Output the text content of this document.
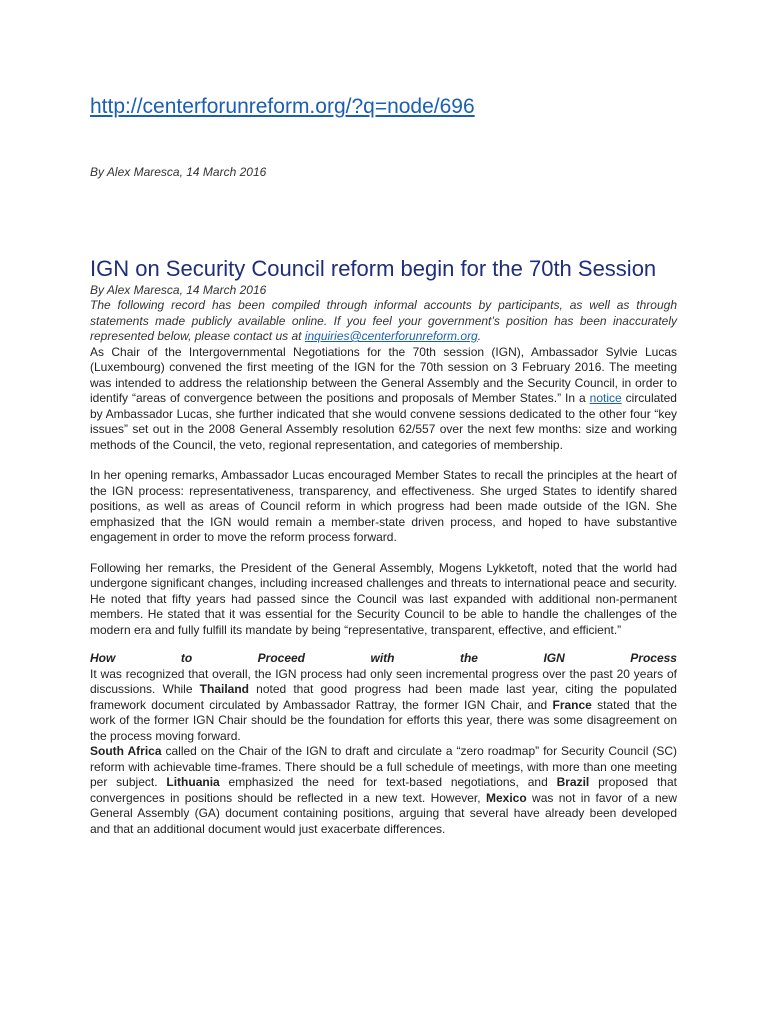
http://centerforunreform.org/?q=node/696
By Alex Maresca, 14 March 2016
IGN on Security Council reform begin for the 70th Session

By Alex Maresca, 14 March 2016

The following record has been compiled through informal accounts by participants, as well as through statements made publicly available online. If you feel your government’s position has been inaccurately represented below, please contact us at inquiries@centerforunreform.org.

As Chair of the Intergovernmental Negotiations for the 70th session (IGN), Ambassador Sylvie Lucas (Luxembourg) convened the first meeting of the IGN for the 70th session on 3 February 2016. The meeting was intended to address the relationship between the General Assembly and the Security Council, in order to identify “areas of convergence between the positions and proposals of Member States.” In a notice circulated by Ambassador Lucas, she further indicated that she would convene sessions dedicated to the other four “key issues” set out in the 2008 General Assembly resolution 62/557 over the next few months: size and working methods of the Council, the veto, regional representation, and categories of membership.

In her opening remarks, Ambassador Lucas encouraged Member States to recall the principles at the heart of the IGN process: representativeness, transparency, and effectiveness. She urged States to identify shared positions, as well as areas of Council reform in which progress had been made outside of the IGN. She emphasized that the IGN would remain a member-state driven process, and hoped to have substantive engagement in order to move the reform process forward.

Following her remarks, the President of the General Assembly, Mogens Lykketoft, noted that the world had undergone significant changes, including increased challenges and threats to international peace and security. He noted that fifty years had passed since the Council was last expanded with additional non-permanent members. He stated that it was essential for the Security Council to be able to handle the challenges of the modern era and fully fulfill its mandate by being “representative, transparent, effective, and efficient.”

How	to	Proceed	with	the	IGN	Process

It was recognized that overall, the IGN process had only seen incremental progress over the past 20 years of discussions. While Thailand noted that good progress had been made last year, citing the populated framework document circulated by Ambassador Rattray, the former IGN Chair, and France stated that the work of the former IGN Chair should be the foundation for efforts this year, there was some disagreement on the process moving forward.

South Africa called on the Chair of the IGN to draft and circulate a “zero roadmap” for Security Council (SC) reform with achievable time-frames. There should be a full schedule of meetings, with more than one meeting per subject. Lithuania emphasized the need for text-based negotiations, and Brazil proposed that convergences in positions should be reflected in a new text. However, Mexico was not in favor of a new General Assembly (GA) document containing positions, arguing that several have already been developed and that an additional document would just exacerbate differences.
